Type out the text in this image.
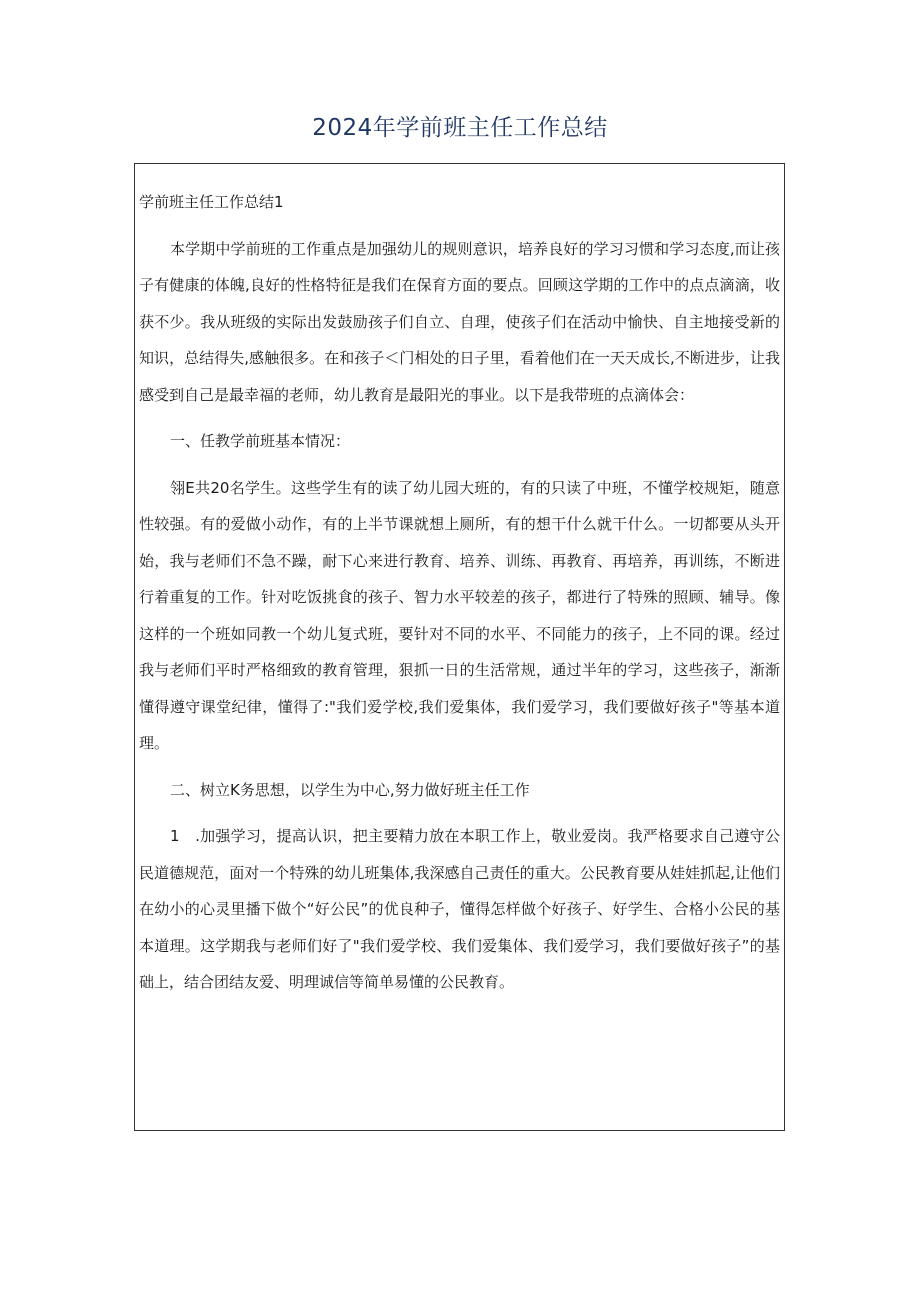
2024年学前班主任工作总结

学前班主任工作总结1

本学期中学前班的工作重点是加强幼儿的规则意识，培养良好的学习习惯和学习态度,而让孩子有健康的体魄,良好的性格特征是我们在保育方面的要点。回顾这学期的工作中的点点滴滴，收获不少。我从班级的实际出发鼓励孩子们自立、自理，使孩子们在活动中愉快、自主地接受新的知识，总结得失,感触很多。在和孩子＜门相处的日子里，看着他们在一天天成长,不断进步，让我感受到自己是最幸福的老师，幼儿教育是最阳光的事业。以下是我带班的点滴体会：

一、任教学前班基本情况：

翎E共20名学生。这些学生有的读了幼儿园大班的，有的只读了中班，不懂学校规矩，随意性较强。有的爱做小动作，有的上半节课就想上厕所，有的想干什么就干什么。一切都要从头开始，我与老师们不急不躁，耐下心来进行教育、培养、训练、再教育、再培养，再训练，不断进行着重复的工作。针对吃饭挑食的孩子、智力水平较差的孩子，都进行了特殊的照顾、辅导。像这样的一个班如同教一个幼儿复式班，要针对不同的水平、不同能力的孩子，上不同的课。经过我与老师们平时严格细致的教育管理，狠抓一日的生活常规，通过半年的学习，这些孩子，渐渐懂得遵守课堂纪律，懂得了:"我们爱学校,我们爱集体，我们爱学习，我们要做好孩子"等基本道理。

二、树立K务思想，以学生为中心,努力做好班主任工作

1　.加强学习，提高认识，把主要精力放在本职工作上，敬业爱岗。我严格要求自己遵守公民道德规范，面对一个特殊的幼儿班集体,我深感自己责任的重大。公民教育要从娃娃抓起,让他们在幼小的心灵里播下做个“好公民”的优良种子，懂得怎样做个好孩子、好学生、合格小公民的基本道理。这学期我与老师们好了"我们爱学校、我们爱集体、我们爱学习，我们要做好孩子”的基础上，结合团结友爱、明理诚信等简单易懂的公民教育。
